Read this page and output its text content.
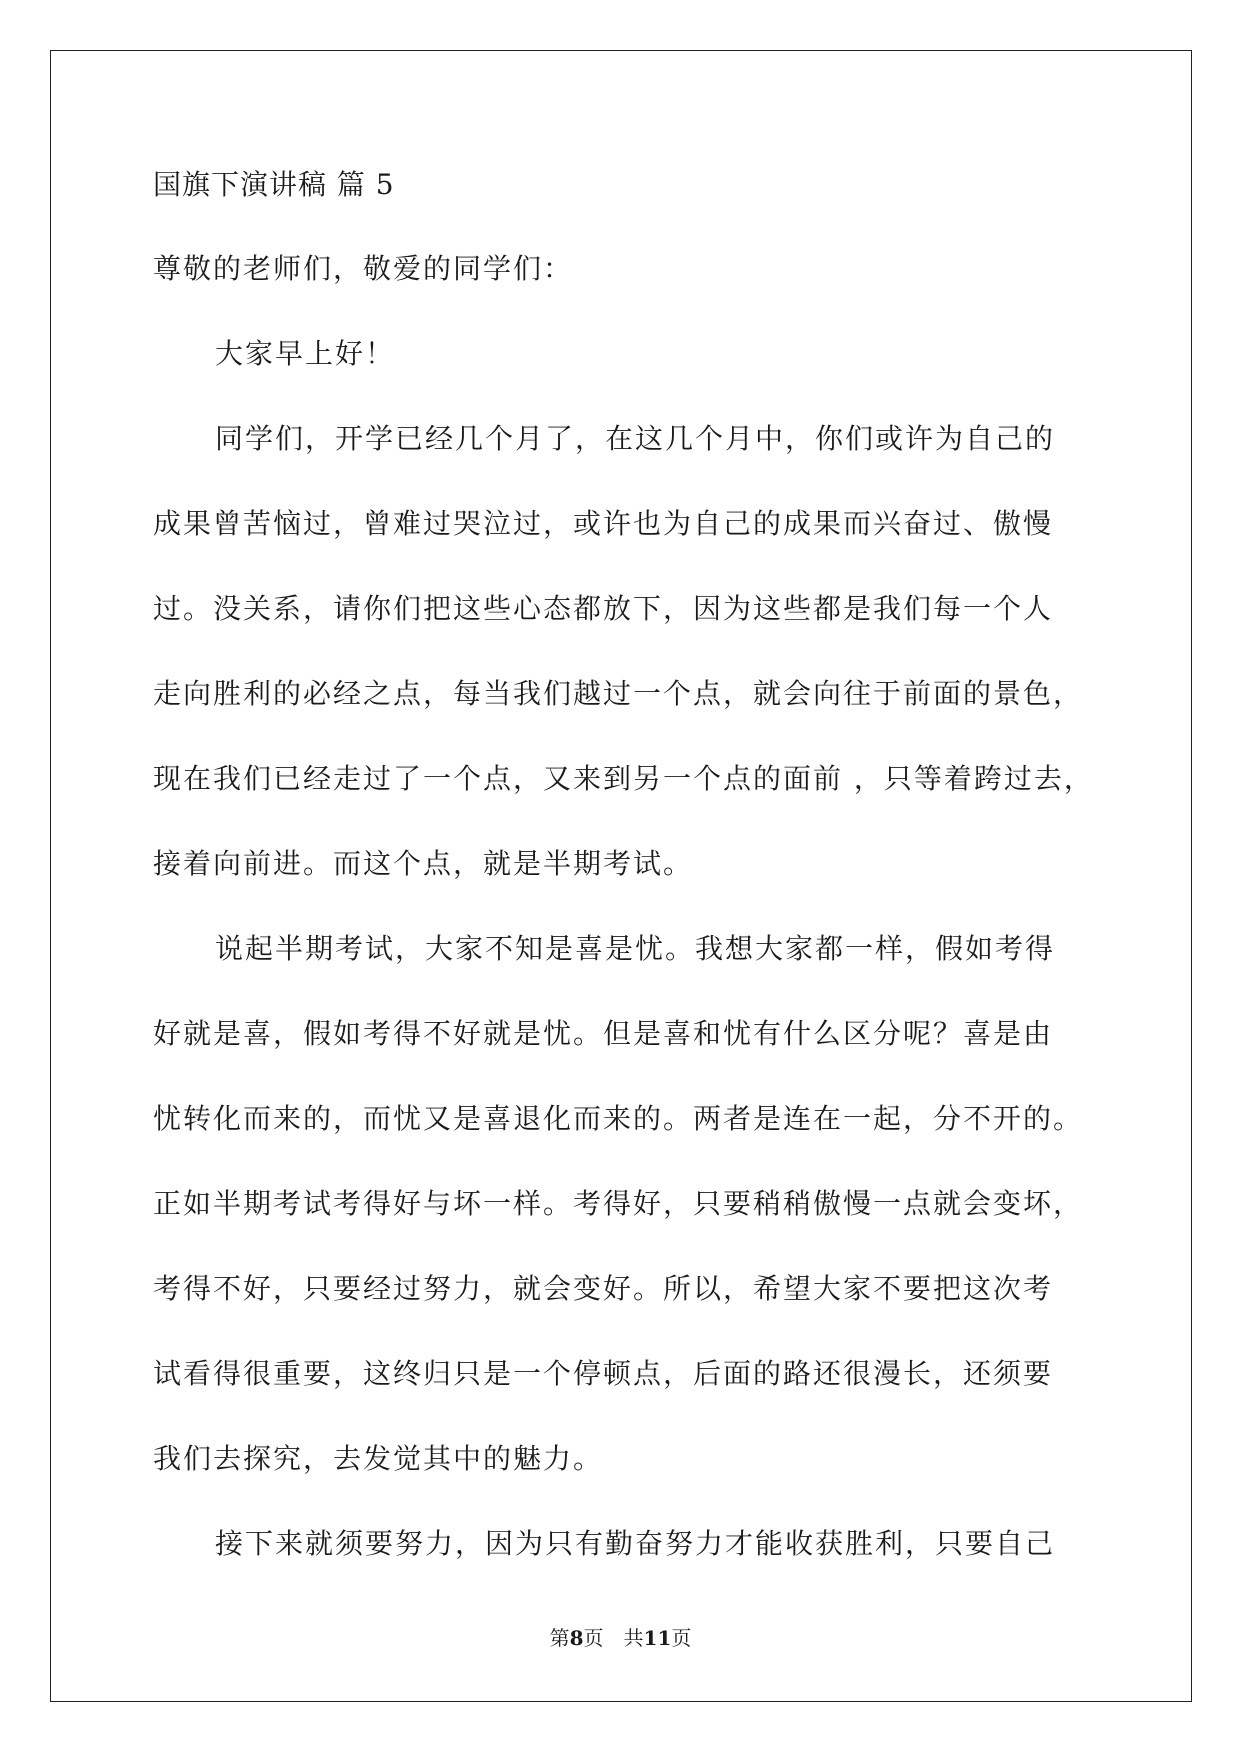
国旗下演讲稿 篇 5
尊敬的老师们，敬爱的同学们：
大家早上好！
同学们，开学已经几个月了，在这几个月中，你们或许为自己的
成果曾苦恼过，曾难过哭泣过，或许也为自己的成果而兴奋过、傲慢
过。没关系，请你们把这些心态都放下，因为这些都是我们每一个人
走向胜利的必经之点，每当我们越过一个点，就会向往于前面的景色，
现在我们已经走过了一个点，又来到另一个点的面前 ，只等着跨过去，
接着向前进。而这个点，就是半期考试。
说起半期考试，大家不知是喜是忧。我想大家都一样，假如考得
好就是喜，假如考得不好就是忧。但是喜和忧有什么区分呢？喜是由
忧转化而来的，而忧又是喜退化而来的。两者是连在一起，分不开的。
正如半期考试考得好与坏一样。考得好，只要稍稍傲慢一点就会变坏，
考得不好，只要经过努力，就会变好。所以，希望大家不要把这次考
试看得很重要，这终归只是一个停顿点，后面的路还很漫长，还须要
我们去探究，去发觉其中的魅力。
接下来就须要努力，因为只有勤奋努力才能收获胜利，只要自己
第8页 共11页
